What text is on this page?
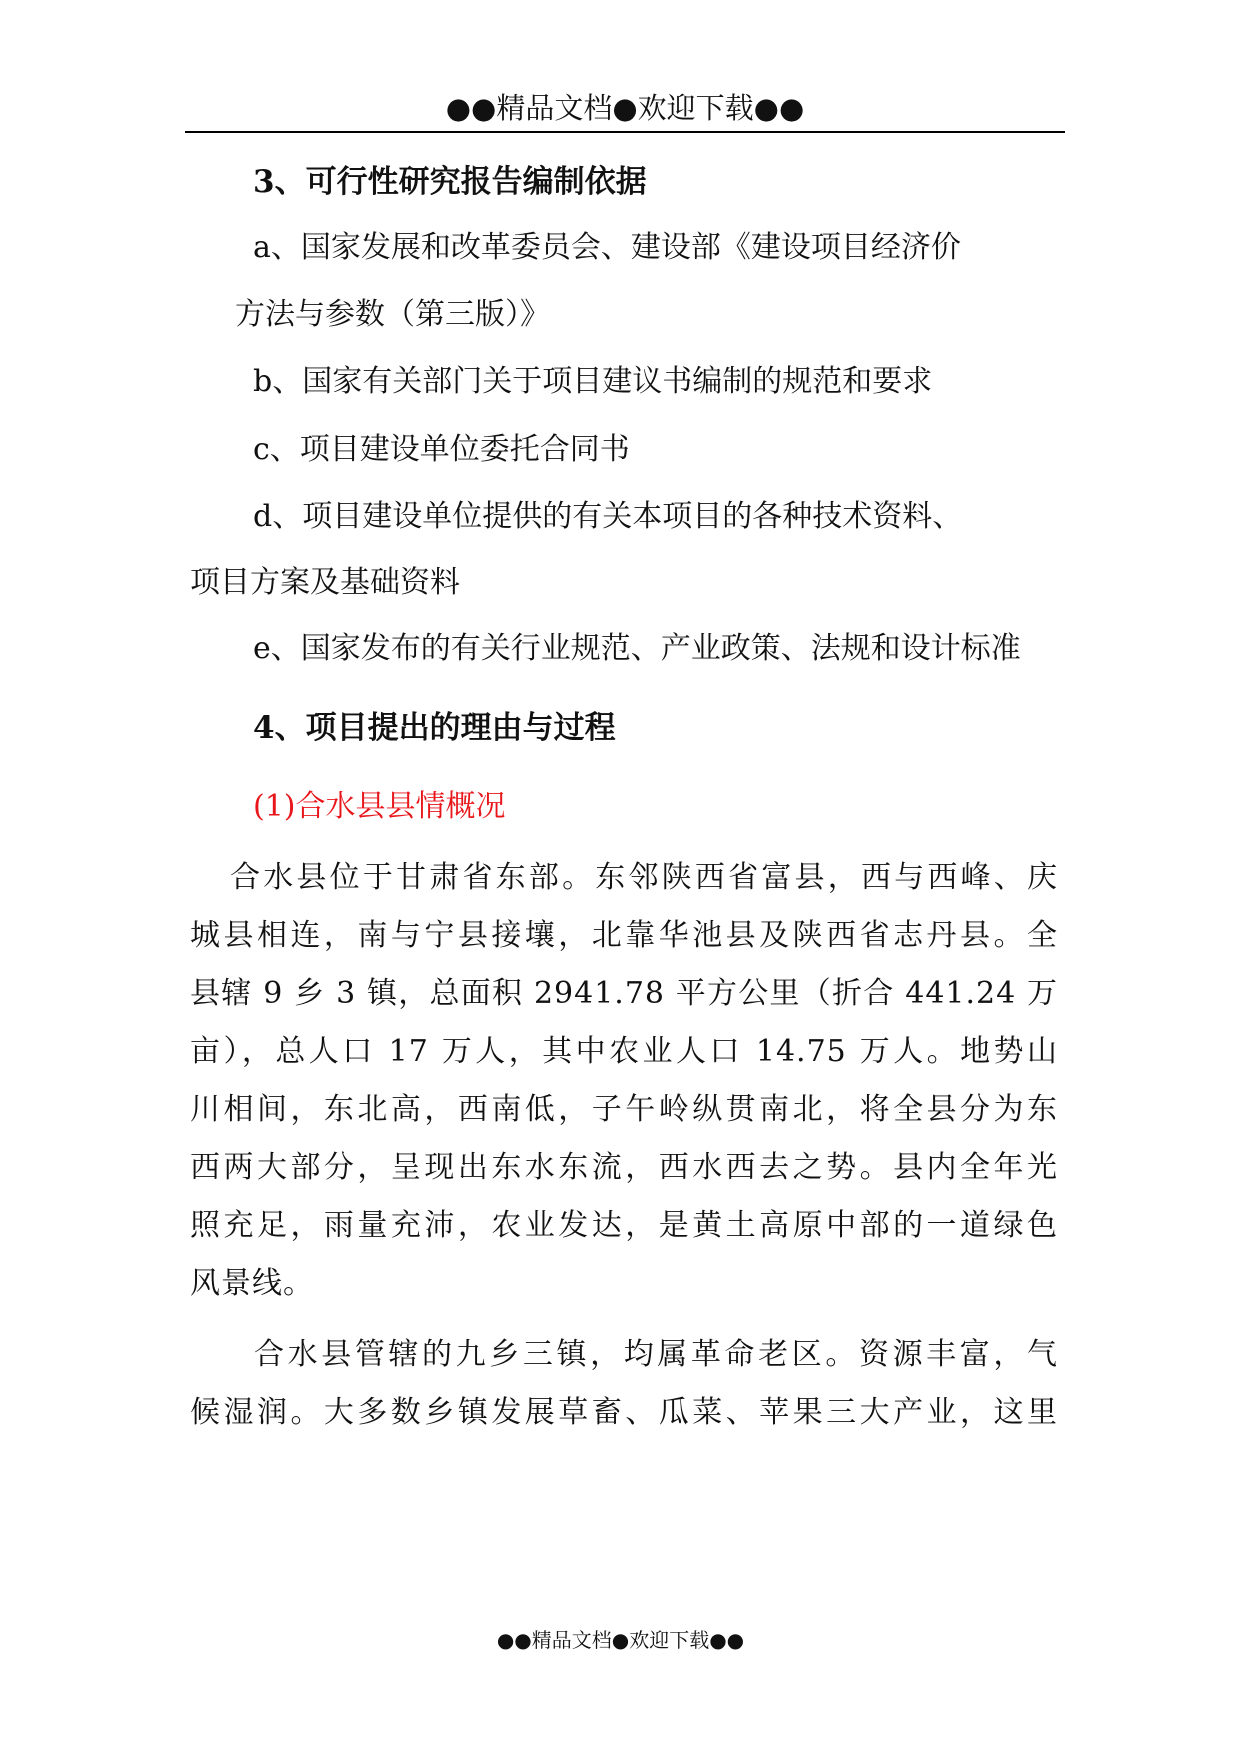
●●精品文档●欢迎下载●●
3、可行性研究报告编制依据
a、国家发展和改革委员会、建设部《建设项目经济价
方法与参数（第三版）》
b、国家有关部门关于项目建议书编制的规范和要求
c、项目建设单位委托合同书
d、项目建设单位提供的有关本项目的各种技术资料、
项目方案及基础资料
e、国家发布的有关行业规范、产业政策、法规和设计标准
4、项目提出的理由与过程
(1)合水县县情概况
合水县位于甘肃省东部。东邻陕西省富县，西与西峰、庆
城县相连，南与宁县接壤，北靠华池县及陕西省志丹县。全
县辖 9 乡 3 镇，总面积 2941.78 平方公里（折合 441.24 万
亩），总人口 17 万人，其中农业人口 14.75 万人。地势山
川相间，东北高，西南低，子午岭纵贯南北，将全县分为东
西两大部分，呈现出东水东流，西水西去之势。县内全年光
照充足，雨量充沛，农业发达，是黄土高原中部的一道绿色
风景线。
合水县管辖的九乡三镇，均属革命老区。资源丰富，气
候湿润。大多数乡镇发展草畜、瓜菜、苹果三大产业，这里
●●精品文档●欢迎下载●●
